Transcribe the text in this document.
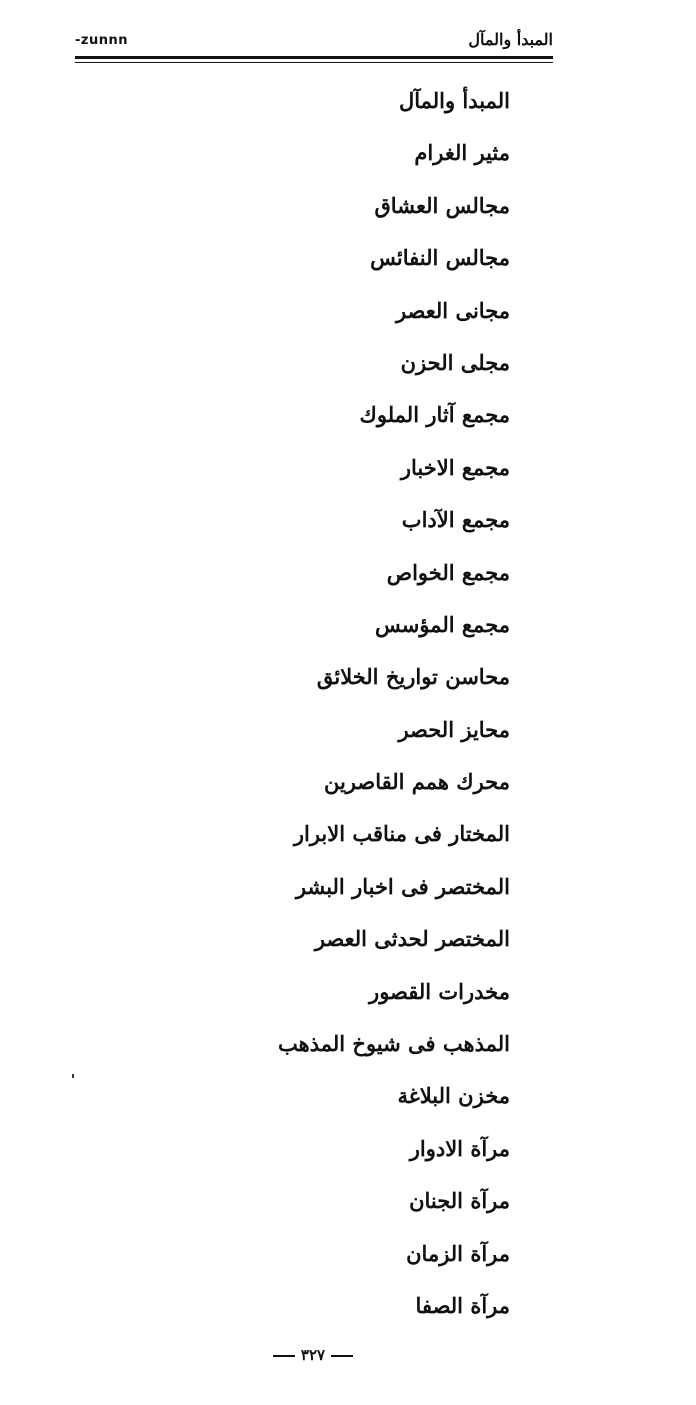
-zunnn	المبدأ والمآل
المبدأ والمآل
مثير الغرام
مجالس العشاق
مجالس النفائس
مجانى العصر
مجلى الحزن
مجمع آثار الملوك
مجمع الاخبار
مجمع الآداب
مجمع الخواص
مجمع المؤسس
محاسن تواريخ الخلائق
محايز الحصر
محرك همم القاصرين
المختار فى مناقب الابرار
المختصر فى اخبار البشر
المختصر لحدثى العصر
مخدرات القصور
المذهب فى شيوخ المذهب
مخزن البلاغة
مرآة الادوار
مرآة الجنان
مرآة الزمان
مرآة الصفا
٣٢٧
